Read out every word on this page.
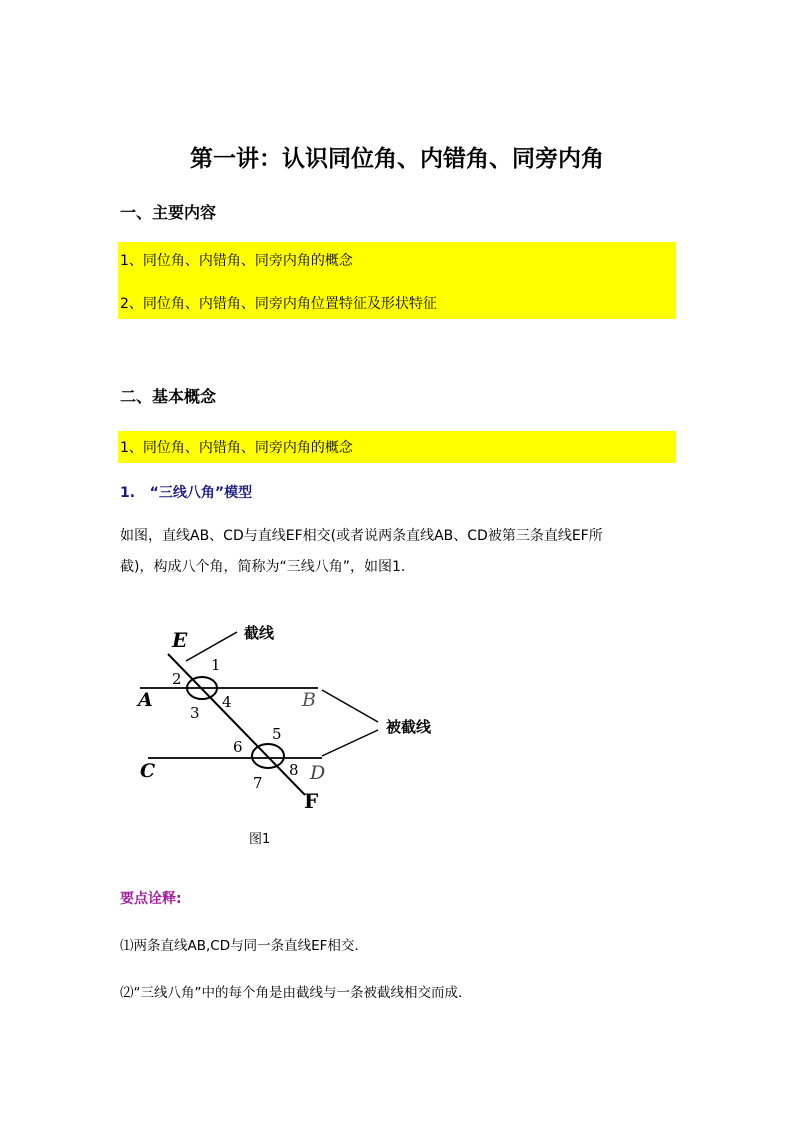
第一讲：认识同位角、内错角、同旁内角
一、主要内容
1、同位角、内错角、同旁内角的概念
2、同位角、内错角、同旁内角位置特征及形状特征
二、基本概念
1、同位角、内错角、同旁内角的概念
1.   “三线八角”模型
如图，直线AB、CD与直线EF相交(或者说两条直线AB、CD被第三条直线EF所
截)，构成八个角，简称为“三线八角”，如图1.
E
A	B
C	D
F
1
2
3
4
5
6
7
8
截线
被截线
图1
要点诠释:
⑴两条直线AB,CD与同一条直线EF相交.
⑵“三线八角”中的每个角是由截线与一条被截线相交而成.
